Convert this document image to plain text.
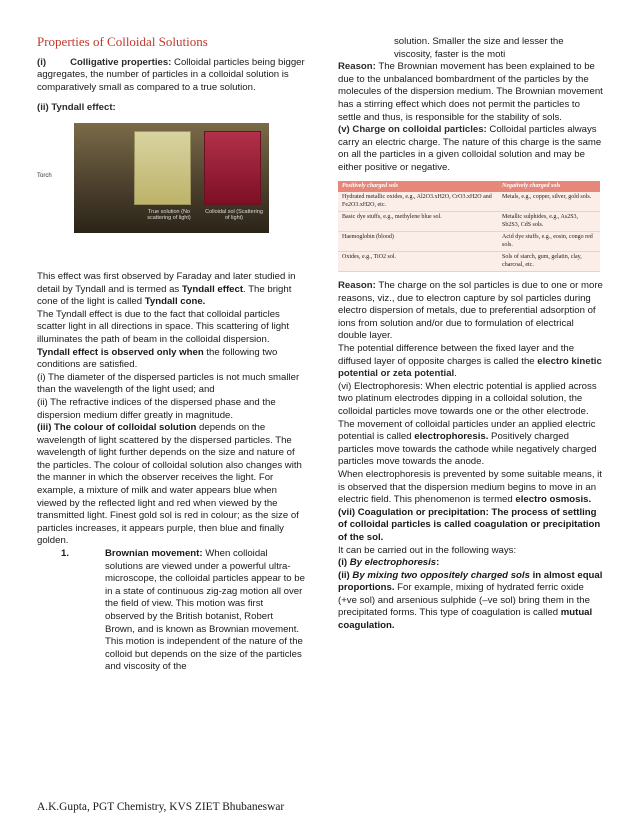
Properties of Colloidal Solutions

(i)	Colligative properties: Colloidal particles being bigger aggregates, the number of particles in a colloidal solution is comparatively small as compared to a true solution.

(ii) Tyndall effect:

Torch
True solution (No scattering of light)
Colloidal sol (Scattering of light)

This effect was first observed by Faraday and later studied in detail by Tyndall and is termed as Tyndall effect. The bright cone of the light is called Tyndall cone.

The Tyndall effect is due to the fact that colloidal particles scatter light in all directions in space. This scattering of light illuminates the path of beam in the colloidal dispersion.

Tyndall effect is observed only when the following two conditions are satisfied.

(i) The diameter of the dispersed particles is not much smaller than the wavelength of the light used; and

(ii) The refractive indices of the dispersed phase and the dispersion medium differ greatly in magnitude.

(iii) The colour of colloidal solution depends on the wavelength of light scattered by the dispersed particles. The wavelength of light further depends on the size and nature of the particles. The colour of colloidal solution also changes with the manner in which the observer receives the light. For example, a mixture of milk and water appears blue when viewed by the reflected light and red when viewed by the transmitted light. Finest gold sol is red in colour; as the size of particles increases, it appears purple, then blue and finally golden.

1.	Brownian movement: When colloidal solutions are viewed under a powerful ultra-microscope, the colloidal particles appear to be in a state of continuous zig-zag motion all over the field of view. This motion was first observed by the British botanist, Robert Brown, and is known as Brownian movement. This motion is independent of the nature of the colloid but depends on the size of the particles and viscosity of the

solution. Smaller the size and lesser the viscosity, faster is the moti

Reason: The Brownian movement has been explained to be due to the unbalanced bombardment of the particles by the molecules of the dispersion medium. The Brownian movement has a stirring effect which does not permit the particles to settle and thus, is responsible for the stability of sols.

(v) Charge on colloidal particles: Colloidal particles always carry an electric charge. The nature of this charge is the same on all the particles in a given colloidal solution and may be either positive or negative.

Positively charged sols	Negatively charged sols
Hydrated metallic oxides, e.g., Al2O3.xH2O, CrO3.xH2O and Fe2O3.xH2O, etc.	Metals, e.g., copper, silver, gold sols.
Basic dye stuffs, e.g., methylene blue sol.	Metallic sulphides, e.g., As2S3, Sb2S3, CdS sols.
Haemoglobin (blood)	Acid dye stuffs, e.g., eosin, congo red sols.
Oxides, e.g., TiO2 sol.	Sols of starch, gum, gelatin, clay, charcoal, etc.

Reason: The charge on the sol particles is due to one or more reasons, viz., due to electron capture by sol particles during electro dispersion of metals, due to preferential adsorption of ions from solution and/or due to formulation of electrical double layer.

The potential difference between the fixed layer and the diffused layer of opposite charges is called the electro kinetic potential or zeta potential.

(vi) Electrophoresis: When electric potential is applied across two platinum electrodes dipping in a colloidal solution, the colloidal particles move towards one or the other electrode. The movement of colloidal particles under an applied electric potential is called electrophoresis. Positively charged particles move towards the cathode while negatively charged particles move towards the anode.

When electrophoresis is prevented by some suitable means, it is observed that the dispersion medium begins to move in an electric field. This phenomenon is termed electro osmosis.

(vii) Coagulation or precipitation: The process of settling of colloidal particles is called coagulation or precipitation of the sol.

It can be carried out in the following ways:

(i) By electrophoresis:

(ii) By mixing two oppositely charged sols in almost equal proportions. For example, mixing of hydrated ferric oxide (+ve sol) and arsenious sulphide (–ve sol) bring them in the precipitated forms. This type of coagulation is called mutual coagulation.

A.K.Gupta, PGT Chemistry, KVS ZIET Bhubaneswar
